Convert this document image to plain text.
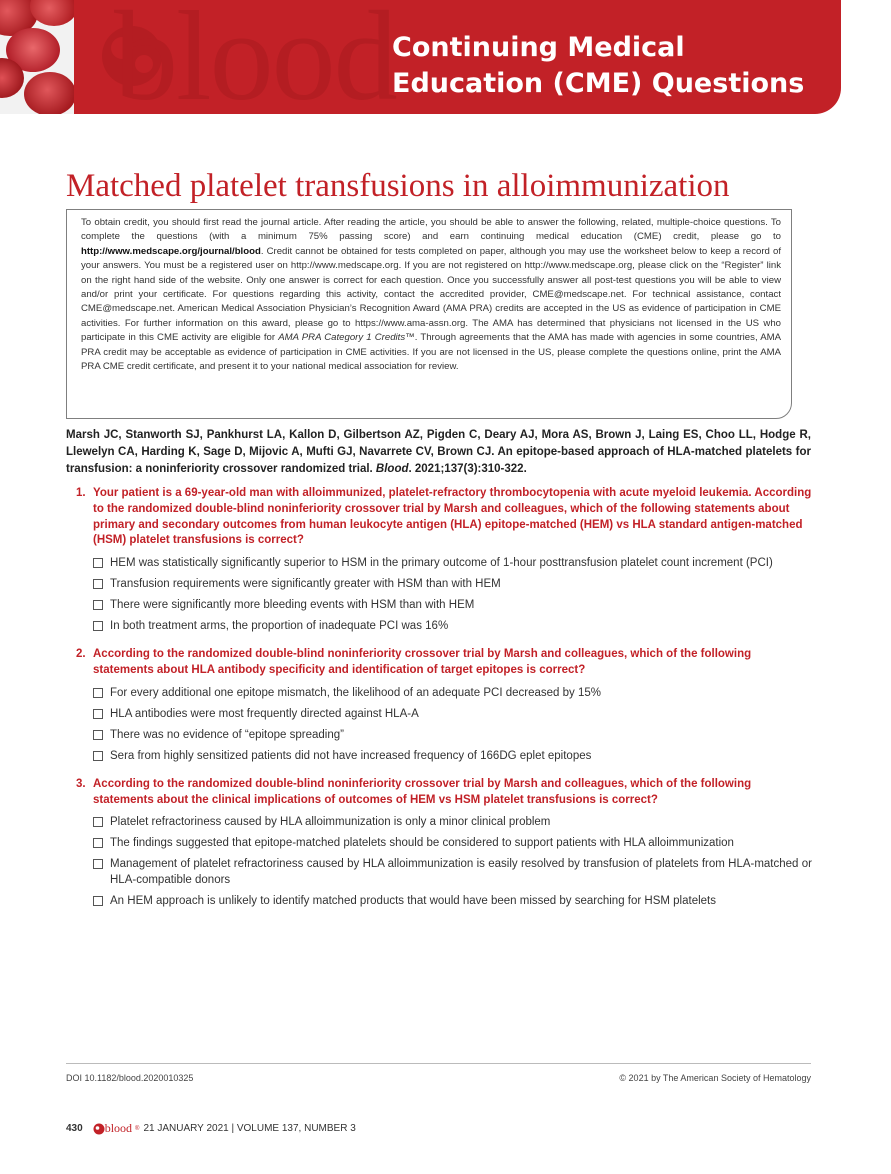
blood
Continuing Medical
Education (CME) Questions
Matched platelet transfusions in alloimmunization

To obtain credit, you should first read the journal article. After reading the article, you should be able to answer the following, related, multiple-choice questions. To complete the questions (with a minimum 75% passing score) and earn continuing medical education (CME) credit, please go to http://www.medscape.org/journal/blood. Credit cannot be obtained for tests completed on paper, although you may use the worksheet below to keep a record of your answers. You must be a registered user on http://www.medscape.org. If you are not registered on http://www.medscape.org, please click on the “Register” link on the right hand side of the website. Only one answer is correct for each question. Once you successfully answer all post-test questions you will be able to view and/or print your certificate. For questions regarding this activity, contact the accredited provider, CME@medscape.net. For technical assistance, contact CME@medscape.net. American Medical Association Physician’s Recognition Award (AMA PRA) credits are accepted in the US as evidence of participation in CME activities. For further information on this award, please go to https://www.ama-assn.org. The AMA has determined that physicians not licensed in the US who participate in this CME activity are eligible for AMA PRA Category 1 Credits™. Through agreements that the AMA has made with agencies in some countries, AMA PRA credit may be acceptable as evidence of participation in CME activities. If you are not licensed in the US, please complete the questions online, print the AMA PRA CME credit certificate, and present it to your national medical association for review.

Marsh JC, Stanworth SJ, Pankhurst LA, Kallon D, Gilbertson AZ, Pigden C, Deary AJ, Mora AS, Brown J, Laing ES, Choo LL, Hodge R, Llewelyn CA, Harding K, Sage D, Mijovic A, Mufti GJ, Navarrete CV, Brown CJ. An epitope-based approach of HLA-matched platelets for transfusion: a noninferiority crossover randomized trial. Blood. 2021;137(3):310-322.
1. Your patient is a 69-year-old man with alloimmunized, platelet-refractory thrombocytopenia with acute myeloid leukemia. According to the randomized double-blind noninferiority crossover trial by Marsh and colleagues, which of the following statements about primary and secondary outcomes from human leukocyte antigen (HLA) epitope-matched (HEM) vs HLA standard antigen-matched (HSM) platelet transfusions is correct?
HEM was statistically significantly superior to HSM in the primary outcome of 1-hour posttransfusion platelet count increment (PCI)
Transfusion requirements were significantly greater with HSM than with HEM
There were significantly more bleeding events with HSM than with HEM
In both treatment arms, the proportion of inadequate PCI was 16%
2. According to the randomized double-blind noninferiority crossover trial by Marsh and colleagues, which of the following statements about HLA antibody specificity and identification of target epitopes is correct?
For every additional one epitope mismatch, the likelihood of an adequate PCI decreased by 15%
HLA antibodies were most frequently directed against HLA-A
There was no evidence of “epitope spreading”
Sera from highly sensitized patients did not have increased frequency of 166DG eplet epitopes
3. According to the randomized double-blind noninferiority crossover trial by Marsh and colleagues, which of the following statements about the clinical implications of outcomes of HEM vs HSM platelet transfusions is correct?
Platelet refractoriness caused by HLA alloimmunization is only a minor clinical problem
The findings suggested that epitope-matched platelets should be considered to support patients with HLA alloimmunization
Management of platelet refractoriness caused by HLA alloimmunization is easily resolved by transfusion of platelets from HLA-matched or HLA-compatible donors
An HEM approach is unlikely to identify matched products that would have been missed by searching for HSM platelets
DOI 10.1182/blood.2020010325	© 2021 by The American Society of Hematology
430 blood ® 21 JANUARY 2021 | VOLUME 137, NUMBER 3
